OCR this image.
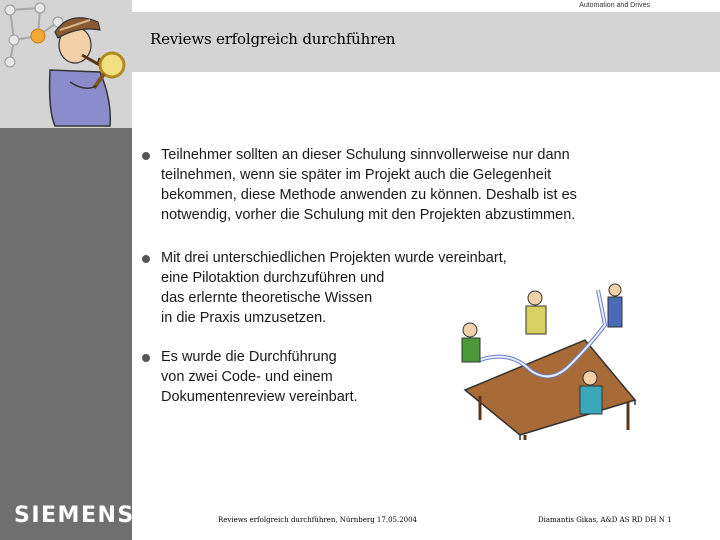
SIEMENS
Automation and Drives
Reviews erfolgreich durchführen
Teilnehmer sollten an dieser Schulung sinnvollerweise nur dann
teilnehmen, wenn sie später im Projekt auch die Gelegenheit
bekommen, diese Methode anwenden zu können. Deshalb ist es
notwendig, vorher die Schulung mit den Projekten abzustimmen.
Mit drei unterschiedlichen Projekten wurde vereinbart,
eine Pilotaktion durchzuführen und
das erlernte theoretische Wissen
in die Praxis umzusetzen.
Es wurde die Durchführung
von zwei Code- und einem
Dokumentenreview vereinbart.
Reviews erfolgreich durchführen, Nürnberg 17.05.2004	Diamantis Gikas, A&D AS RD DH N 1
